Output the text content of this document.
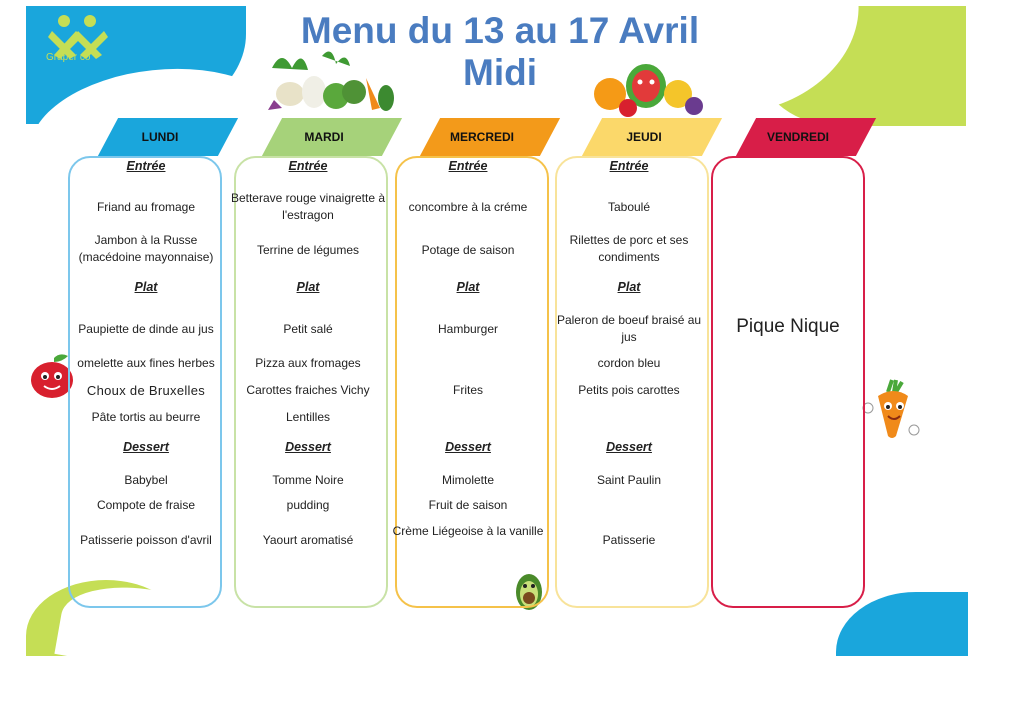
Graper co
Menu du 13 au 17 Avril
Midi
LUNDI	MARDI	MERCREDI	JEUDI	VENDREDI
Entrée
Friand au fromage
Jambon à la Russe (macédoine mayonnaise)
Plat
Paupiette de dinde au jus
omelette aux fines herbes
Choux de Bruxelles
Pâte tortis au beurre
Dessert
Babybel
Compote de fraise
Patisserie poisson d'avril
Entrée
Betterave rouge vinaigrette à l'estragon
Terrine de légumes
Plat
Petit salé
Pizza aux fromages
Carottes fraiches Vichy
Lentilles
Dessert
Tomme Noire
pudding
Yaourt aromatisé
Entrée
concombre à la créme
Potage de saison
Plat
Hamburger
Frites
Dessert
Mimolette
Fruit de saison
Crème Liégeoise à la vanille
Entrée
Taboulé
Rilettes de porc et ses condiments
Plat
Paleron de boeuf braisé au jus
cordon bleu
Petits pois carottes
Dessert
Saint Paulin
Patisserie
Pique Nique
